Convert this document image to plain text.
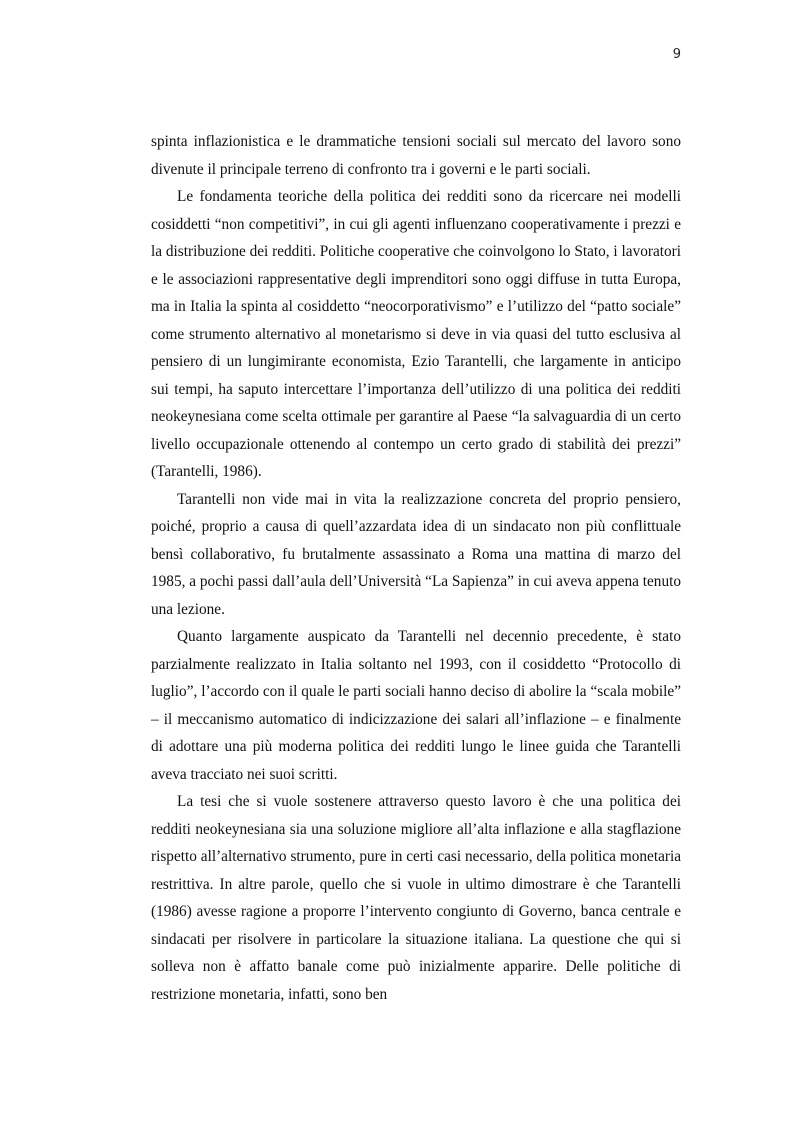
9

spinta inflazionistica e le drammatiche tensioni sociali sul mercato del lavoro sono divenute il principale terreno di confronto tra i governi e le parti sociali.

Le fondamenta teoriche della politica dei redditi sono da ricercare nei modelli cosiddetti “non competitivi”, in cui gli agenti influenzano cooperativamente i prezzi e la distribuzione dei redditi. Politiche cooperative che coinvolgono lo Stato, i lavoratori e le associazioni rappresentative degli imprenditori sono oggi diffuse in tutta Europa, ma in Italia la spinta al cosiddetto “neocorporativismo” e l’utilizzo del “patto sociale” come strumento alternativo al monetarismo si deve in via quasi del tutto esclusiva al pensiero di un lungimirante economista, Ezio Tarantelli, che largamente in anticipo sui tempi, ha saputo intercettare l’importanza dell’utilizzo di una politica dei redditi neokeynesiana come scelta ottimale per garantire al Paese “la salvaguardia di un certo livello occupazionale ottenendo al contempo un certo grado di stabilità dei prezzi” (Tarantelli, 1986).

Tarantelli non vide mai in vita la realizzazione concreta del proprio pensiero, poiché, proprio a causa di quell’azzardata idea di un sindacato non più conflittuale bensì collaborativo, fu brutalmente assassinato a Roma una mattina di marzo del 1985, a pochi passi dall’aula dell’Università “La Sapienza” in cui aveva appena tenuto una lezione.

Quanto largamente auspicato da Tarantelli nel decennio precedente, è stato parzialmente realizzato in Italia soltanto nel 1993, con il cosiddetto “Protocollo di luglio”, l’accordo con il quale le parti sociali hanno deciso di abolire la “scala mobile” – il meccanismo automatico di indicizzazione dei salari all’inflazione – e finalmente di adottare una più moderna politica dei redditi lungo le linee guida che Tarantelli aveva tracciato nei suoi scritti.

La tesi che si vuole sostenere attraverso questo lavoro è che una politica dei redditi neokeynesiana sia una soluzione migliore all’alta inflazione e alla stagflazione rispetto all’alternativo strumento, pure in certi casi necessario, della politica monetaria restrittiva. In altre parole, quello che si vuole in ultimo dimostrare è che Tarantelli (1986) avesse ragione a proporre l’intervento congiunto di Governo, banca centrale e sindacati per risolvere in particolare la situazione italiana. La questione che qui si solleva non è affatto banale come può inizialmente apparire. Delle politiche di restrizione monetaria, infatti, sono ben
